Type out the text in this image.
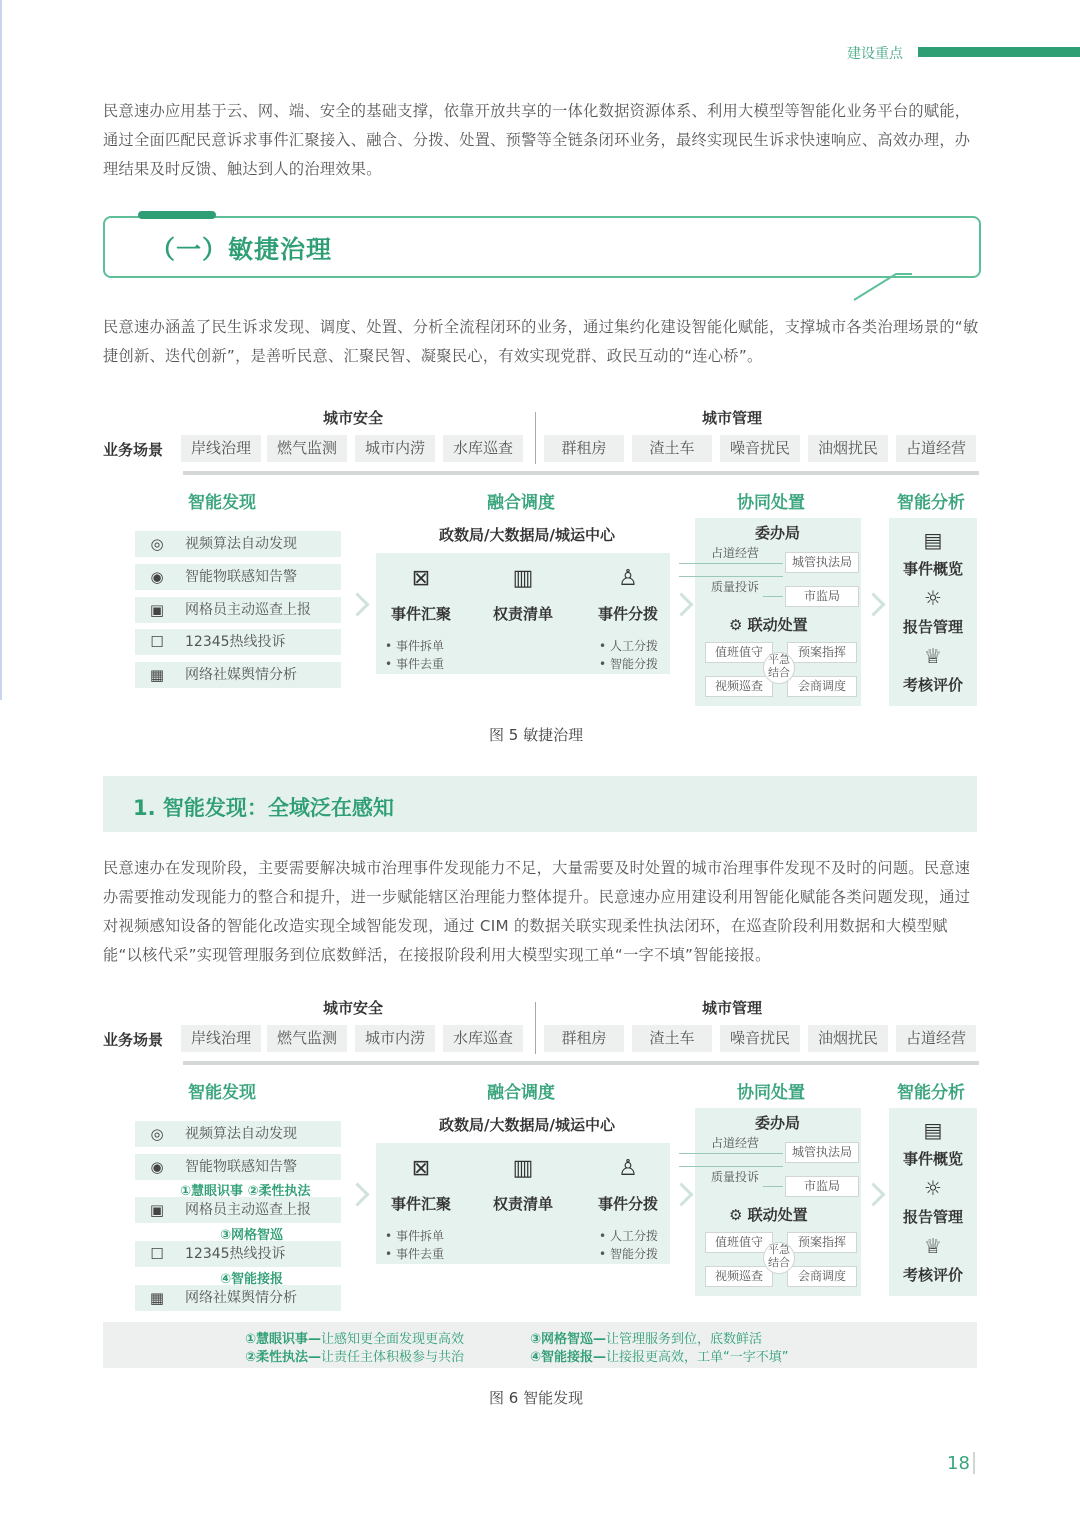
建设重点
民意速办应用基于云、网、端、安全的基础支撑，依靠开放共享的一体化数据资源体系、利用大模型等智能化业务平台的赋能，通过全面匹配民意诉求事件汇聚接入、融合、分拨、处置、预警等全链条闭环业务，最终实现民生诉求快速响应、高效办理，办理结果及时反馈、触达到人的治理效果。
（一）敏捷治理
民意速办涵盖了民生诉求发现、调度、处置、分析全流程闭环的业务，通过集约化建设智能化赋能，支撑城市各类治理场景的“敏捷创新、迭代创新”，是善听民意、汇聚民智、凝聚民心，有效实现党群、政民互动的“连心桥”。
城市安全	城市管理
业务场景	岸线治理	燃气监测	城市内涝	水库巡查	群租房	渣土车	噪音扰民	油烟扰民	占道经营
智能发现	融合调度	协同处置	智能分析
◎ 视频算法自动发现
◉ 智能物联感知告警
▣ 网格员主动巡查上报
☐ 12345热线投诉
▦ 网络社媒舆情分析
政数局/大数据局/城运中心
⊠
事件汇聚
▥
权责清单
♙
事件分拨
• 事件拆单	• 人工分拨
• 事件去重	• 智能分拨
委办局
占道经营
质量投诉
城管执法局
市监局
⚙ 联动处置
值班值守	预案指挥
视频巡查	会商调度
平急结合
▤
事件概览
☼
报告管理
♕
考核评价
图 5 敏捷治理
1. 智能发现：全域泛在感知
民意速办在发现阶段，主要需要解决城市治理事件发现能力不足，大量需要及时处置的城市治理事件发现不及时的问题。民意速办需要推动发现能力的整合和提升，进一步赋能辖区治理能力整体提升。民意速办应用建设利用智能化赋能各类问题发现，通过对视频感知设备的智能化改造实现全域智能发现，通过 CIM 的数据关联实现柔性执法闭环，在巡查阶段利用数据和大模型赋能“以核代采”实现管理服务到位底数鲜活，在接报阶段利用大模型实现工单“一字不填”智能接报。
城市安全	城市管理
业务场景	岸线治理	燃气监测	城市内涝	水库巡查	群租房	渣土车	噪音扰民	油烟扰民	占道经营
智能发现	融合调度	协同处置	智能分析
◎ 视频算法自动发现
◉ 智能物联感知告警
▣ 网格员主动巡查上报
☐ 12345热线投诉
▦ 网络社媒舆情分析
①慧眼识事 ②柔性执法
③网格智巡
④智能接报
政数局/大数据局/城运中心
⊠
事件汇聚
▥
权责清单
♙
事件分拨
• 事件拆单	• 人工分拨
• 事件去重	• 智能分拨
委办局
占道经营
质量投诉
城管执法局
市监局
⚙ 联动处置
值班值守	预案指挥
视频巡查	会商调度
平急结合
▤
事件概览
☼
报告管理
♕
考核评价
①慧眼识事—让感知更全面发现更高效
②柔性执法—让责任主体积极参与共治
③网格智巡—让管理服务到位，底数鲜活
④智能接报—让接报更高效，工单“一字不填”
图 6 智能发现
18
